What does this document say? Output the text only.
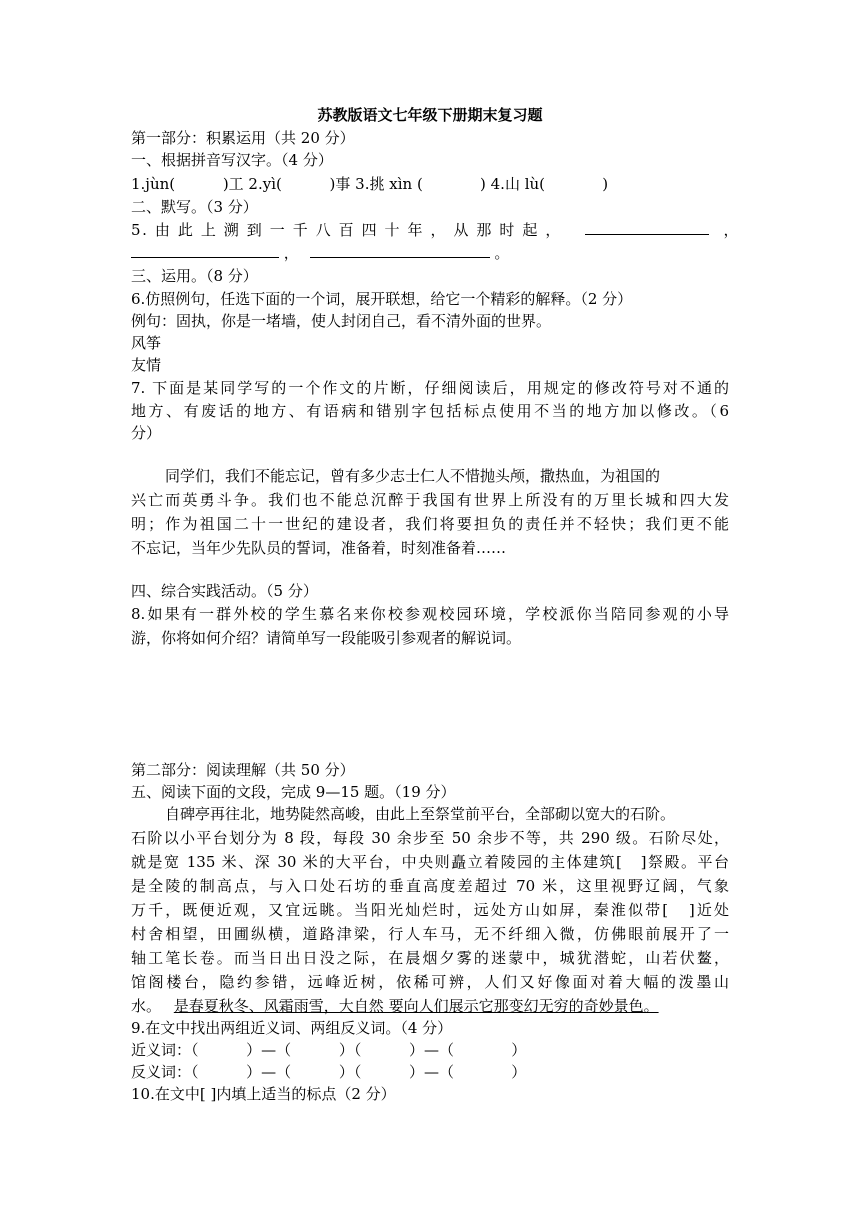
苏教版语文七年级下册期末复习题
第一部分：积累运用（共 20 分）
一、根据拼音写汉字。（4 分）
1.jùn(          )工 2.yì(          )事 3.挑 xìn (            ) 4.山 lù(            )
二、默写。（3 分）
5. 由 此 上 溯 到 一 千 八 百 四 十 年 ， 从 那 时 起 ，	，
，	。
三、运用。（8 分）
6.仿照例句，任选下面的一个词，展开联想，给它一个精彩的解释。（2 分）
例句：固执，你是一堵墙，使人封闭自己，看不清外面的世界。
风筝
友情
7. 下面是某同学写的一个作文的片断，仔细阅读后，用规定的修改符号对不通的
地方、有废话的地方、有语病和错别字包括标点使用不当的地方加以修改。（6
分）
同学们，我们不能忘记，曾有多少志士仁人不惜抛头颅，撒热血，为祖国的
兴亡而英勇斗争。我们也不能总沉醉于我国有世界上所没有的万里长城和四大发
明；作为祖国二十一世纪的建设者，我们将要担负的责任并不轻快；我们更不能
不忘记，当年少先队员的誓词，准备着，时刻准备着……
四、综合实践活动。（5 分）
8.如果有一群外校的学生慕名来你校参观校园环境，学校派你当陪同参观的小导
游，你将如何介绍？请简单写一段能吸引参观者的解说词。
第二部分：阅读理解（共 50 分）
五、阅读下面的文段，完成 9—15 题。（19 分）
自碑亭再往北，地势陡然高峻，由此上至祭堂前平台，全部砌以宽大的石阶。
石阶以小平台划分为 8 段，每段 30 余步至 50 余步不等，共 290 级。石阶尽处，
就是宽 135 米、深 30 米的大平台，中央则矗立着陵园的主体建筑[   ]祭殿。平台
是全陵的制高点，与入口处石坊的垂直高度差超过 70 米，这里视野辽阔，气象
万千，既便近观，又宜远眺。当阳光灿烂时，远处方山如屏，秦淮似带[   ]近处
村舍相望，田圃纵横，道路津梁，行人车马，无不纤细入微，仿佛眼前展开了一
轴工笔长卷。而当日出日没之际，在晨烟夕雾的迷蒙中，城犹潜蛇，山若伏鳌，
馆阁楼台，隐约参错，远峰近树，依稀可辨，人们又好像面对着大幅的泼墨山
水。 是春夏秋冬、风霜雨雪，大自然 要向人们展示它那变幻无穷的奇妙景色。
9.在文中找出两组近义词、两组反义词。（4 分）
近义词：（          ）—（          ）（          ）—（            ）
反义词：（          ）—（          ）（          ）—（            ）
10.在文中[ ]内填上适当的标点（2 分）
